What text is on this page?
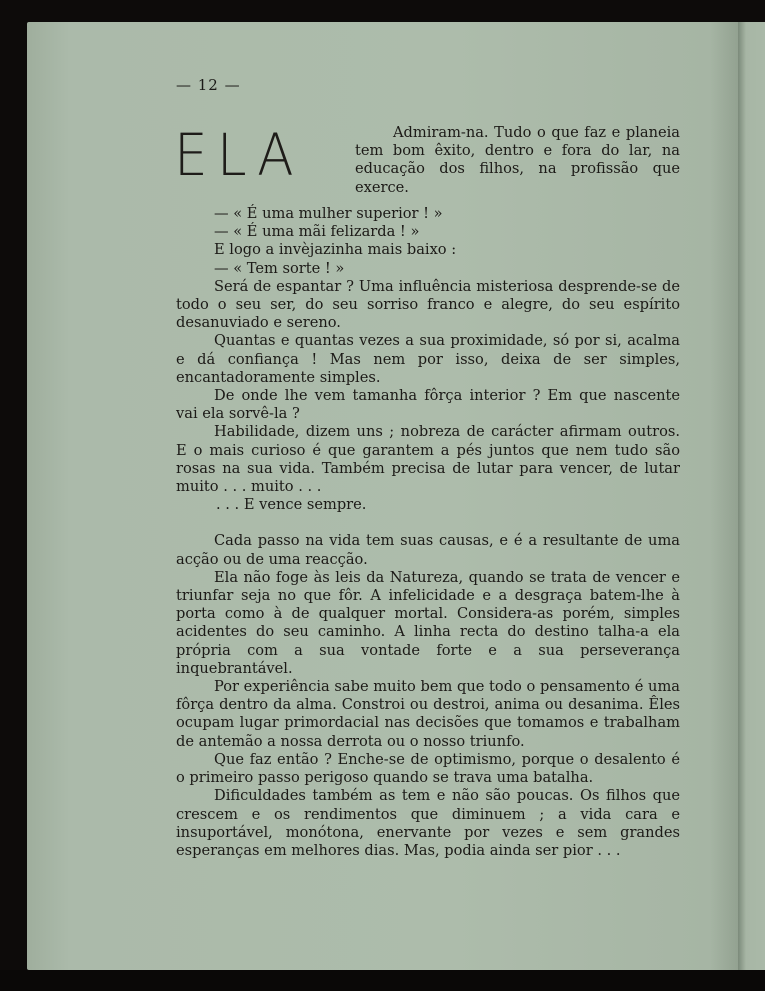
— 12 —
ELA	Admiram-na. Tudo o que faz e planeia tem bom êxito, dentro e fora do lar, na educação dos filhos, na profissão que exerce.

— « É uma mulher superior ! »

— « É uma mãi felizarda ! »

E logo a invèjazinha mais baixo :

— « Tem sorte ! »

Será de espantar ? Uma influência misteriosa desprende-se de todo o seu ser, do seu sorriso franco e alegre, do seu espírito desanuviado e sereno.

Quantas e quantas vezes a sua proximidade, só por si, acalma e dá confiança ! Mas nem por isso, deixa de ser simples, encantadoramente simples.

De onde lhe vem tamanha fôrça interior ? Em que nascente vai ela sorvê-la ?

Habilidade, dizem uns ; nobreza de carácter afirmam outros. E o mais curioso é que garantem a pés juntos que nem tudo são rosas na sua vida. Também precisa de lutar para vencer, de lutar muito . . . muito . . .

. . . E vence sempre.

Cada passo na vida tem suas causas, e é a resultante de uma acção ou de uma reacção.

Ela não foge às leis da Natureza, quando se trata de vencer e triunfar seja no que fôr. A infelicidade e a desgraça batem-lhe à porta como à de qualquer mortal. Considera-as porém, simples acidentes do seu caminho. A linha recta do destino talha-a ela própria com a sua vontade forte e a sua perseverança inquebrantável.

Por experiência sabe muito bem que todo o pensamento é uma fôrça dentro da alma. Constroi ou destroi, anima ou desanima. Êles ocupam lugar primordacial nas decisões que tomamos e trabalham de antemão a nossa derrota ou o nosso triunfo.

Que faz então ? Enche-se de optimismo, porque o desalento é o primeiro passo perigoso quando se trava uma batalha.

Dificuldades também as tem e não são poucas. Os filhos que crescem e os rendimentos que diminuem ; a vida cara e insuportável, monótona, enervante por vezes e sem grandes esperanças em melhores dias. Mas, podia ainda ser pior . . .
